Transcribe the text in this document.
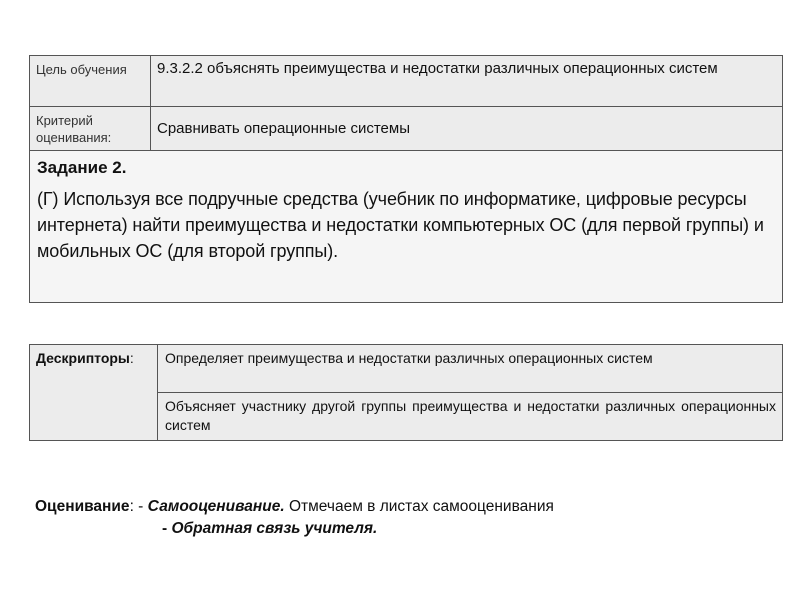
Цель обучения	9.3.2.2 объяснять преимущества и недостатки различных операционных систем
Критерий оценивания:	Сравнивать операционные системы

Задание 2.
(Г) Используя все подручные средства (учебник по информатике, цифровые ресурсы интернета) найти преимущества и недостатки компьютерных ОС (для первой группы) и мобильных ОС (для второй группы).	
Дескрипторы:	Определяет преимущества и недостатки различных операционных систем
Объясняет участнику другой группы преимущества и недостатки различных операционных систем
Оценивание: - Самооценивание. Отмечаем в листах самооценивания
- Обратная связь учителя.
